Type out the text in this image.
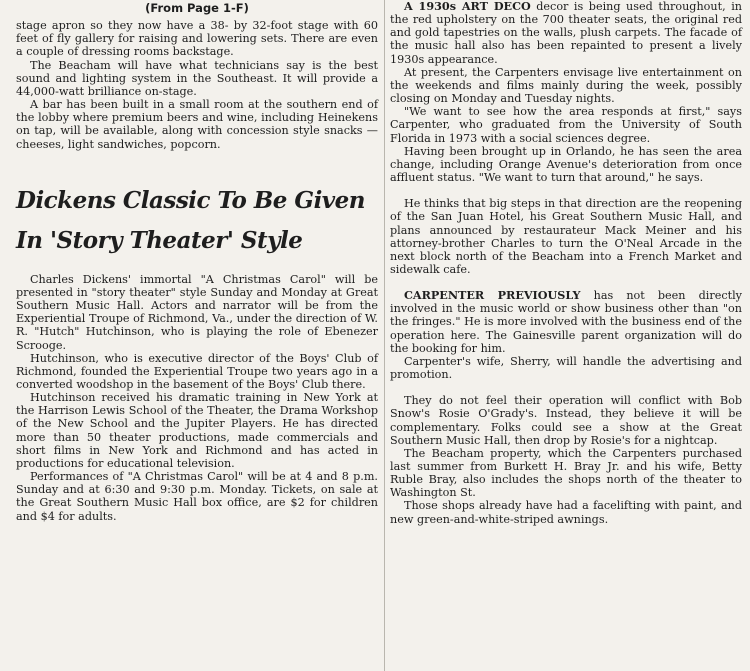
(From Page 1-F)

stage apron so they now have a 38- by 32-foot stage with 60 feet of fly gallery for raising and lowering sets. There are even a couple of dressing rooms backstage.

The Beacham will have what technicians say is the best sound and lighting system in the Southeast. It will provide a 44,000-watt brilliance on-stage.

A bar has been built in a small room at the southern end of the lobby where premium beers and wine, including Heinekens on tap, will be available, along with concession style snacks — cheeses, light sandwiches, popcorn.

Dickens Classic To Be Given
In 'Story Theater' Style

Charles Dickens' immortal "A Christmas Carol" will be presented in "story theater" style Sunday and Monday at Great Southern Music Hall. Actors and narrator will be from the Experiential Troupe of Richmond, Va., under the direction of W. R. "Hutch" Hutchinson, who is playing the role of Ebenezer Scrooge.

Hutchinson, who is executive director of the Boys' Club of Richmond, founded the Experiential Troupe two years ago in a converted woodshop in the basement of the Boys' Club there.

Hutchinson received his dramatic training in New York at the Harrison Lewis School of the Theater, the Drama Workshop of the New School and the Jupiter Players. He has directed more than 50 theater productions, made commercials and short films in New York and Richmond and has acted in productions for educational television.

Performances of "A Christmas Carol" will be at 4 and 8 p.m. Sunday and at 6:30 and 9:30 p.m. Monday. Tickets, on sale at the Great Southern Music Hall box office, are $2 for children and $4 for adults.

A 1930s ART DECO decor is being used throughout, in the red upholstery on the 700 theater seats, the original red and gold tapestries on the walls, plush carpets. The facade of the music hall also has been repainted to present a lively 1930s appearance.

At present, the Carpenters envisage live entertainment on the weekends and films mainly during the week, possibly closing on Monday and Tuesday nights.

"We want to see how the area responds at first," says Carpenter, who graduated from the University of South Florida in 1973 with a social sciences degree.

Having been brought up in Orlando, he has seen the area change, including Orange Avenue's deterioration from once affluent status. "We want to turn that around," he says.

He thinks that big steps in that direction are the reopening of the San Juan Hotel, his Great Southern Music Hall, and plans announced by restaurateur Mack Meiner and his attorney-brother Charles to turn the O'Neal Arcade in the next block north of the Beacham into a French Market and sidewalk cafe.

CARPENTER PREVIOUSLY has not been directly involved in the music world or show business other than "on the fringes." He is more involved with the business end of the operation here. The Gainesville parent organization will do the booking for him.

Carpenter's wife, Sherry, will handle the advertising and promotion.

They do not feel their operation will conflict with Bob Snow's Rosie O'Grady's. Instead, they believe it will be complementary. Folks could see a show at the Great Southern Music Hall, then drop by Rosie's for a nightcap.

The Beacham property, which the Carpenters purchased last summer from Burkett H. Bray Jr. and his wife, Betty Ruble Bray, also includes the shops north of the theater to Washington St.

Those shops already have had a facelifting with paint, and new green-and-white-striped awnings.
